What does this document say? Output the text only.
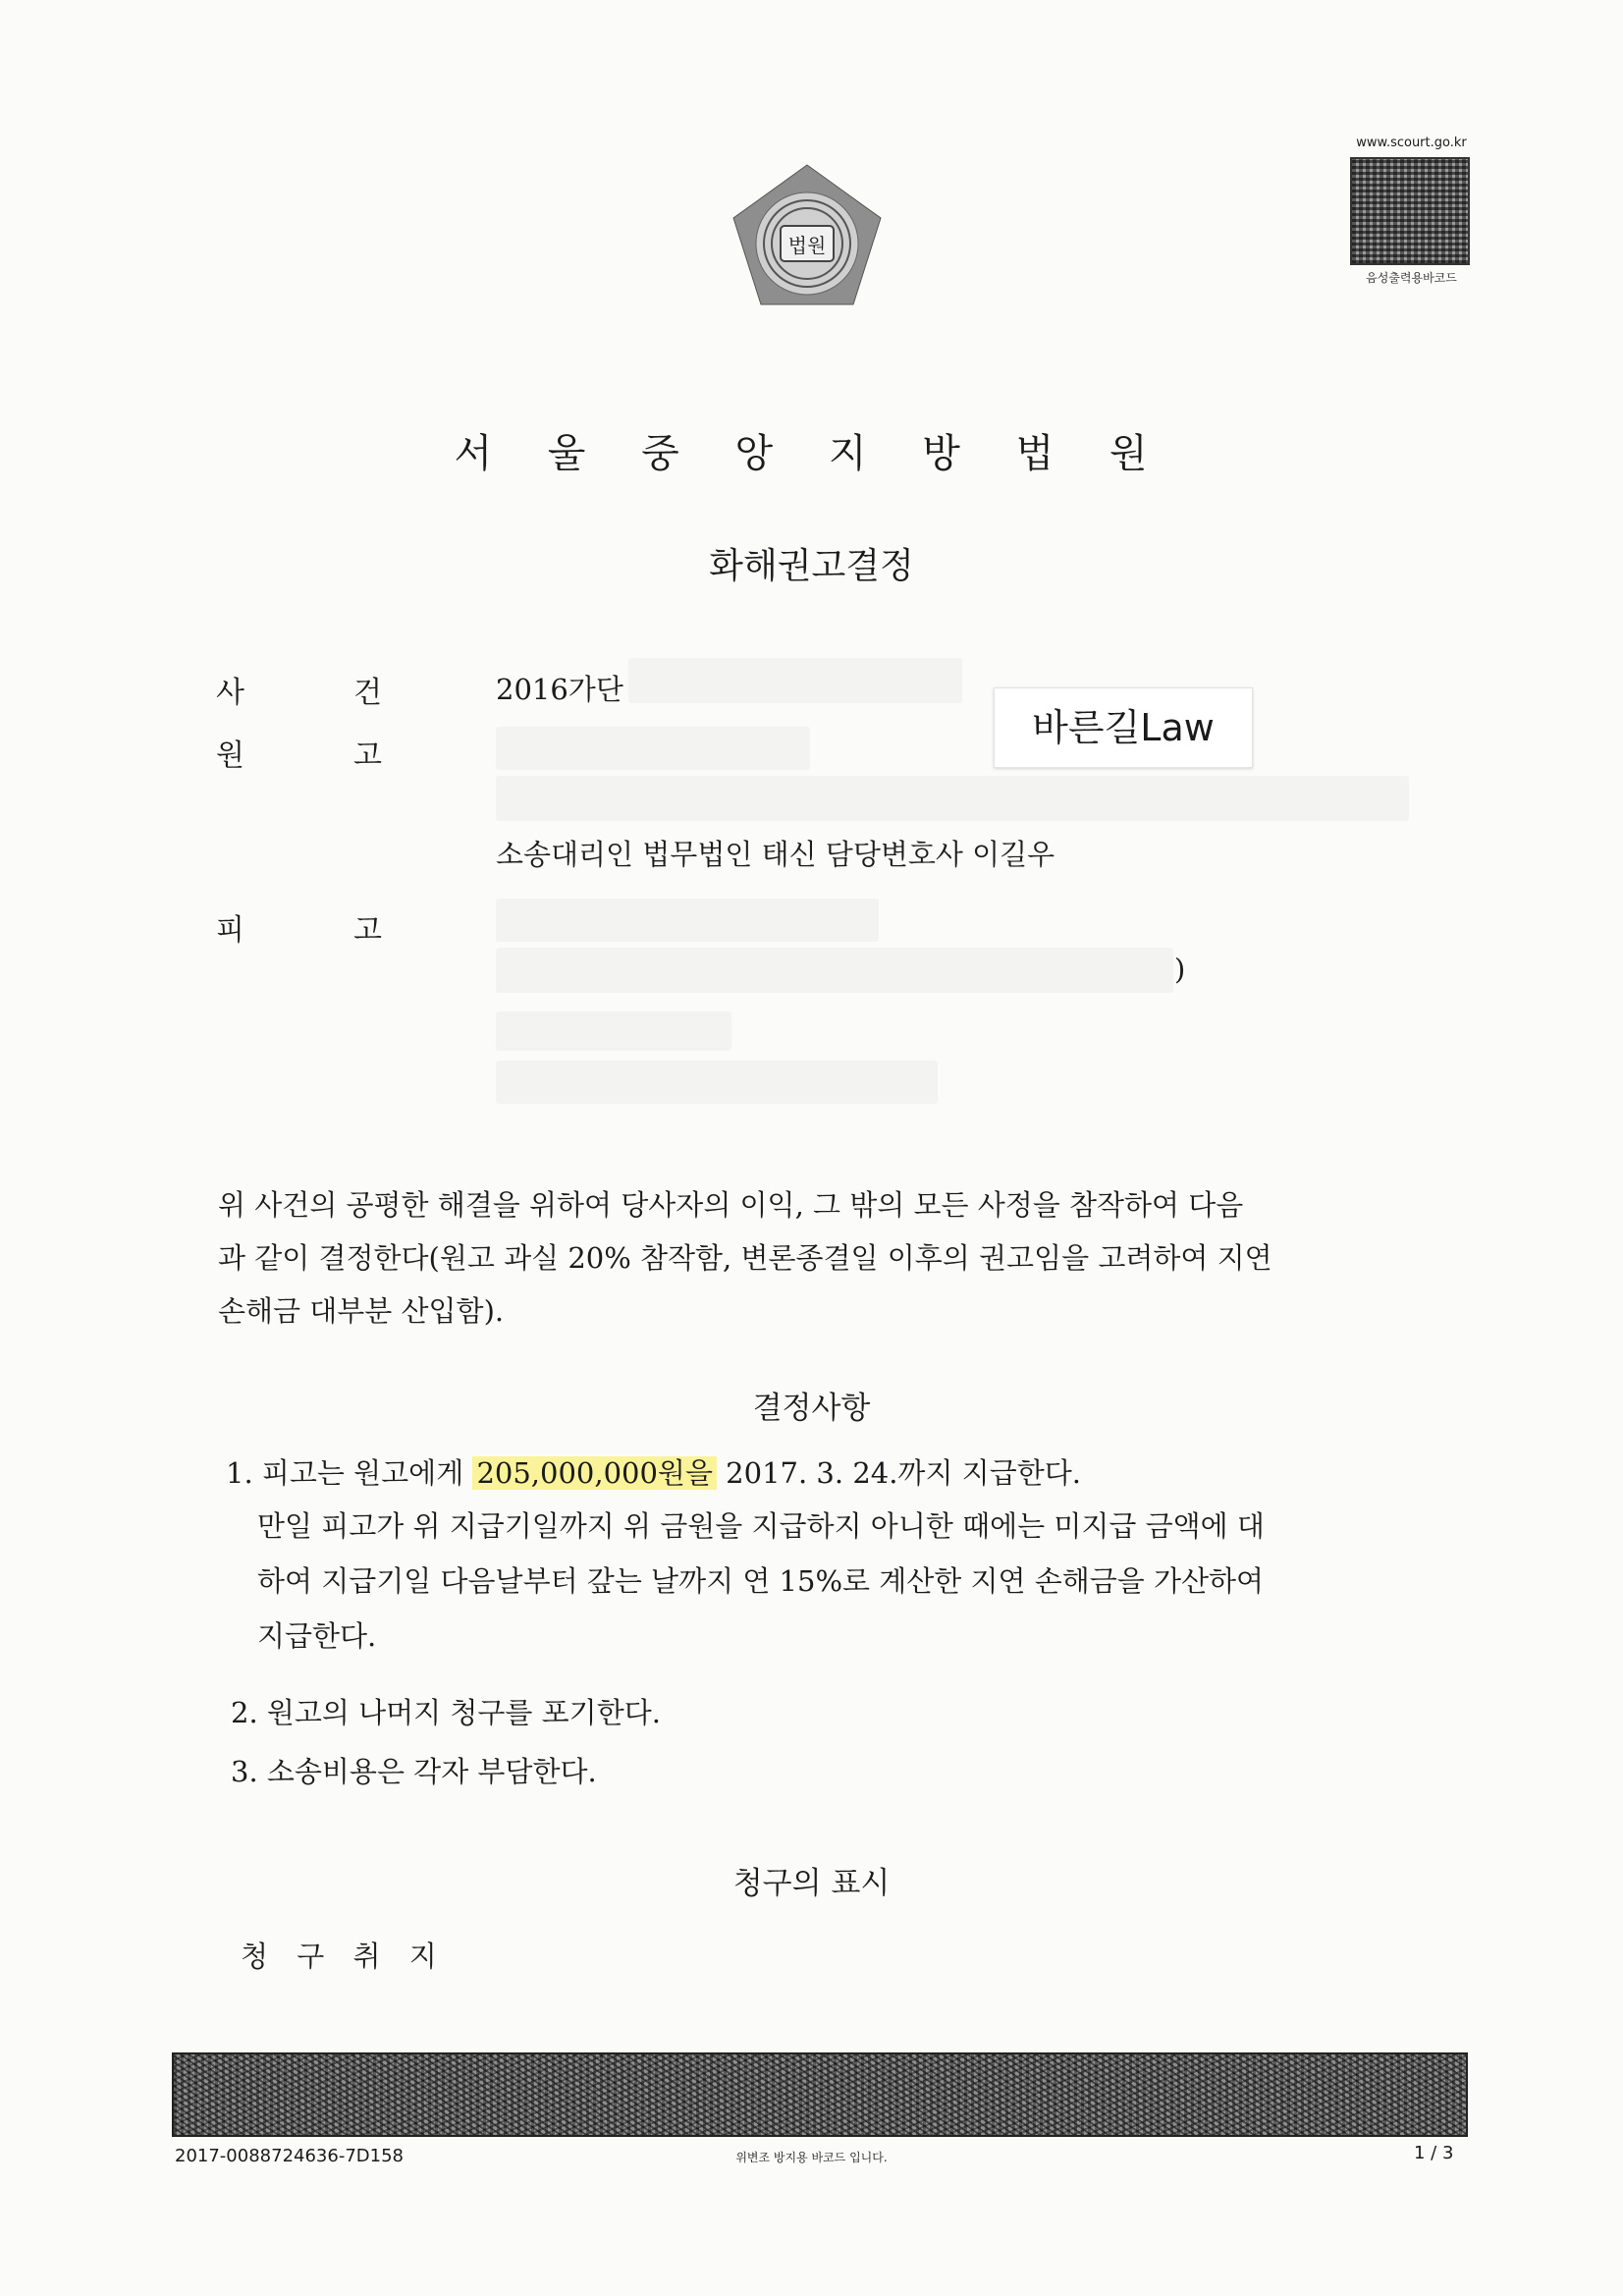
법원
www.scourt.go.kr
음성출력용바코드
서 울 중 앙 지 방 법 원
화해권고결정
사	건	2016가단
원	고
바른길Law
소송대리인 법무법인 태신 담당변호사 이길우
피	고
)
위 사건의 공평한 해결을 위하여 당사자의 이익, 그 밖의 모든 사정을 참작하여 다음
과 같이 결정한다(원고 과실 20% 참작함, 변론종결일 이후의 권고임을 고려하여 지연
손해금 대부분 산입함).
결정사항
1. 피고는 원고에게 205,000,000원을 2017. 3. 24.까지 지급한다.
만일 피고가 위 지급기일까지 위 금원을 지급하지 아니한 때에는 미지급 금액에 대
하여 지급기일 다음날부터 갚는 날까지 연 15%로 계산한 지연 손해금을 가산하여
지급한다.
2. 원고의 나머지 청구를 포기한다.
3. 소송비용은 각자 부담한다.
청구의 표시
청 구 취 지
2017-0088724636-7D158	위변조 방지용 바코드 입니다.	1 / 3
